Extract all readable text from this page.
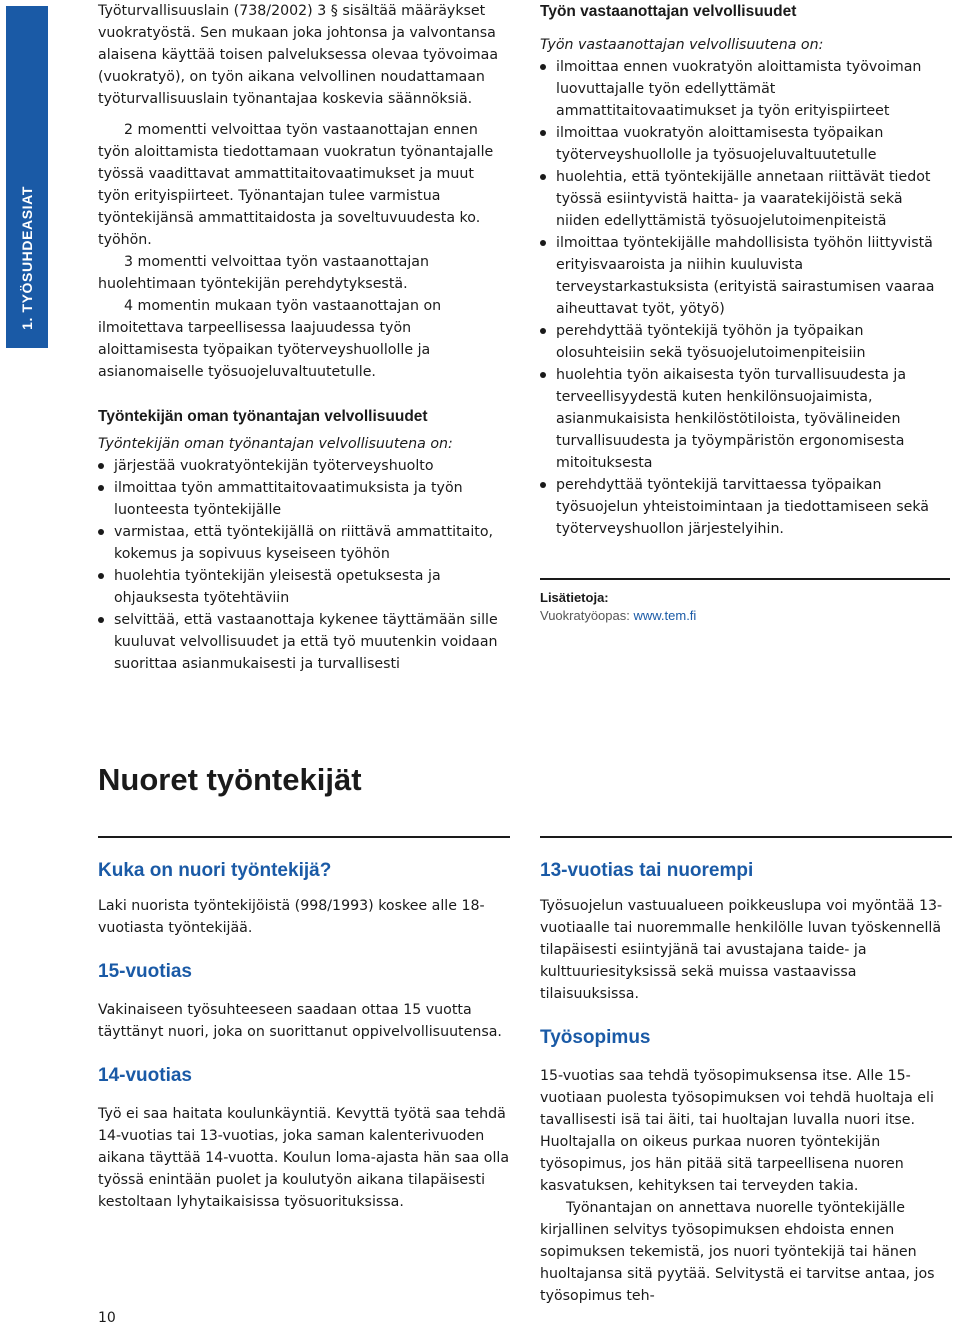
1. TYÖSUHDEASIAT

Työturvallisuuslain (738/2002) 3 § sisältää määräykset vuokratyöstä. Sen mukaan joka johtonsa ja valvontansa alaisena käyttää toisen palveluksessa olevaa työvoimaa (vuokratyö), on työn aikana velvollinen noudattamaan työturvallisuuslain työnantajaa koskevia säännöksiä.

2 momentti velvoittaa työn vastaanottajan ennen työn aloittamista tiedottamaan vuokratun työnantajalle työssä vaadittavat ammattitaitovaatimukset ja muut työn erityispiirteet. Työnantajan tulee varmistua työntekijänsä ammattitaidosta ja soveltuvuudesta ko. työhön.

3 momentti velvoittaa työn vastaanottajan huolehtimaan työntekijän perehdytyksestä.

4 momentin mukaan työn vastaanottajan on ilmoitettava tarpeellisessa laajuudessa työn aloittamisesta työpaikan työterveyshuollolle ja asianomaiselle työsuojeluvaltuutetulle.

Työntekijän oman työnantajan velvollisuudet

Työntekijän oman työnantajan velvollisuutena on:

järjestää vuokratyöntekijän työterveyshuolto
ilmoittaa työn ammattitaitovaatimuksista ja työn luonteesta työntekijälle
varmistaa, että työntekijällä on riittävä ammattitaito, kokemus ja sopivuus kyseiseen työhön
huolehtia työntekijän yleisestä opetuksesta ja ohjauksesta työtehtäviin
selvittää, että vastaanottaja kykenee täyttämään sille kuuluvat velvollisuudet ja että työ muutenkin voidaan suorittaa asianmukaisesti ja turvallisesti
Työn vastaanottajan velvollisuudet

Työn vastaanottajan velvollisuutena on:

ilmoittaa ennen vuokratyön aloittamista työvoiman luovuttajalle työn edellyttämät ammattitaitovaatimukset ja työn erityispiirteet
ilmoittaa vuokratyön aloittamisesta työpaikan työterveyshuollolle ja työsuojeluvaltuutetulle
huolehtia, että työntekijälle annetaan riittävät tiedot työssä esiintyvistä haitta- ja vaaratekijöistä sekä niiden edellyttämistä työsuojelutoimenpiteistä
ilmoittaa työntekijälle mahdollisista työhön liittyvistä erityisvaaroista ja niihin kuuluvista terveystarkastuksista (erityistä sairastumisen vaaraa aiheuttavat työt, yötyö)
perehdyttää työntekijä työhön ja työpaikan olosuhteisiin sekä työsuojelutoimenpiteisiin
huolehtia työn aikaisesta työn turvallisuudesta ja terveellisyydestä kuten henkilönsuojaimista, asianmukaisista henkilöstötiloista, työvälineiden turvallisuudesta ja työympäristön ergonomisesta mitoituksesta
perehdyttää työntekijä tarvittaessa työpaikan työsuojelun yhteistoimintaan ja tiedottamiseen sekä työterveyshuollon järjestelyihin.
Lisätietoja:
Vuokratyöopas: www.tem.fi
Nuoret työntekijät
Kuka on nuori työntekijä?

Laki nuorista työntekijöistä (998/1993) koskee alle 18-vuotiasta työntekijää.

15-vuotias

Vakinaiseen työsuhteeseen saadaan ottaa 15 vuotta täyttänyt nuori, joka on suorittanut oppivelvollisuutensa.

14-vuotias

Työ ei saa haitata koulunkäyntiä. Kevyttä työtä saa tehdä 14-vuotias tai 13-vuotias, joka saman kalenterivuoden aikana täyttää 14-vuotta. Koulun loma-ajasta hän saa olla työssä enintään puolet ja koulutyön aikana tilapäisesti kestoltaan lyhytaikaisissa työsuorituksissa.

13-vuotias tai nuorempi

Työsuojelun vastuualueen poikkeuslupa voi myöntää 13-vuotiaalle tai nuoremmalle henkilölle luvan työskennellä tilapäisesti esiintyjänä tai avustajana taide- ja kulttuuriesityksissä sekä muissa vastaavissa tilaisuuksissa.

Työsopimus

15-vuotias saa tehdä työsopimuksensa itse. Alle 15-vuotiaan puolesta työsopimuksen voi tehdä huoltaja eli tavallisesti isä tai äiti, tai huoltajan luvalla nuori itse. Huoltajalla on oikeus purkaa nuoren työntekijän työsopimus, jos hän pitää sitä tarpeellisena nuoren kasvatuksen, kehityksen tai terveyden takia.

Työnantajan on annettava nuorelle työntekijälle kirjallinen selvitys työsopimuksen ehdoista ennen sopimuksen tekemistä, jos nuori työntekijä tai hänen huoltajansa sitä pyytää. Selvitystä ei tarvitse antaa, jos työsopimus teh-

10
